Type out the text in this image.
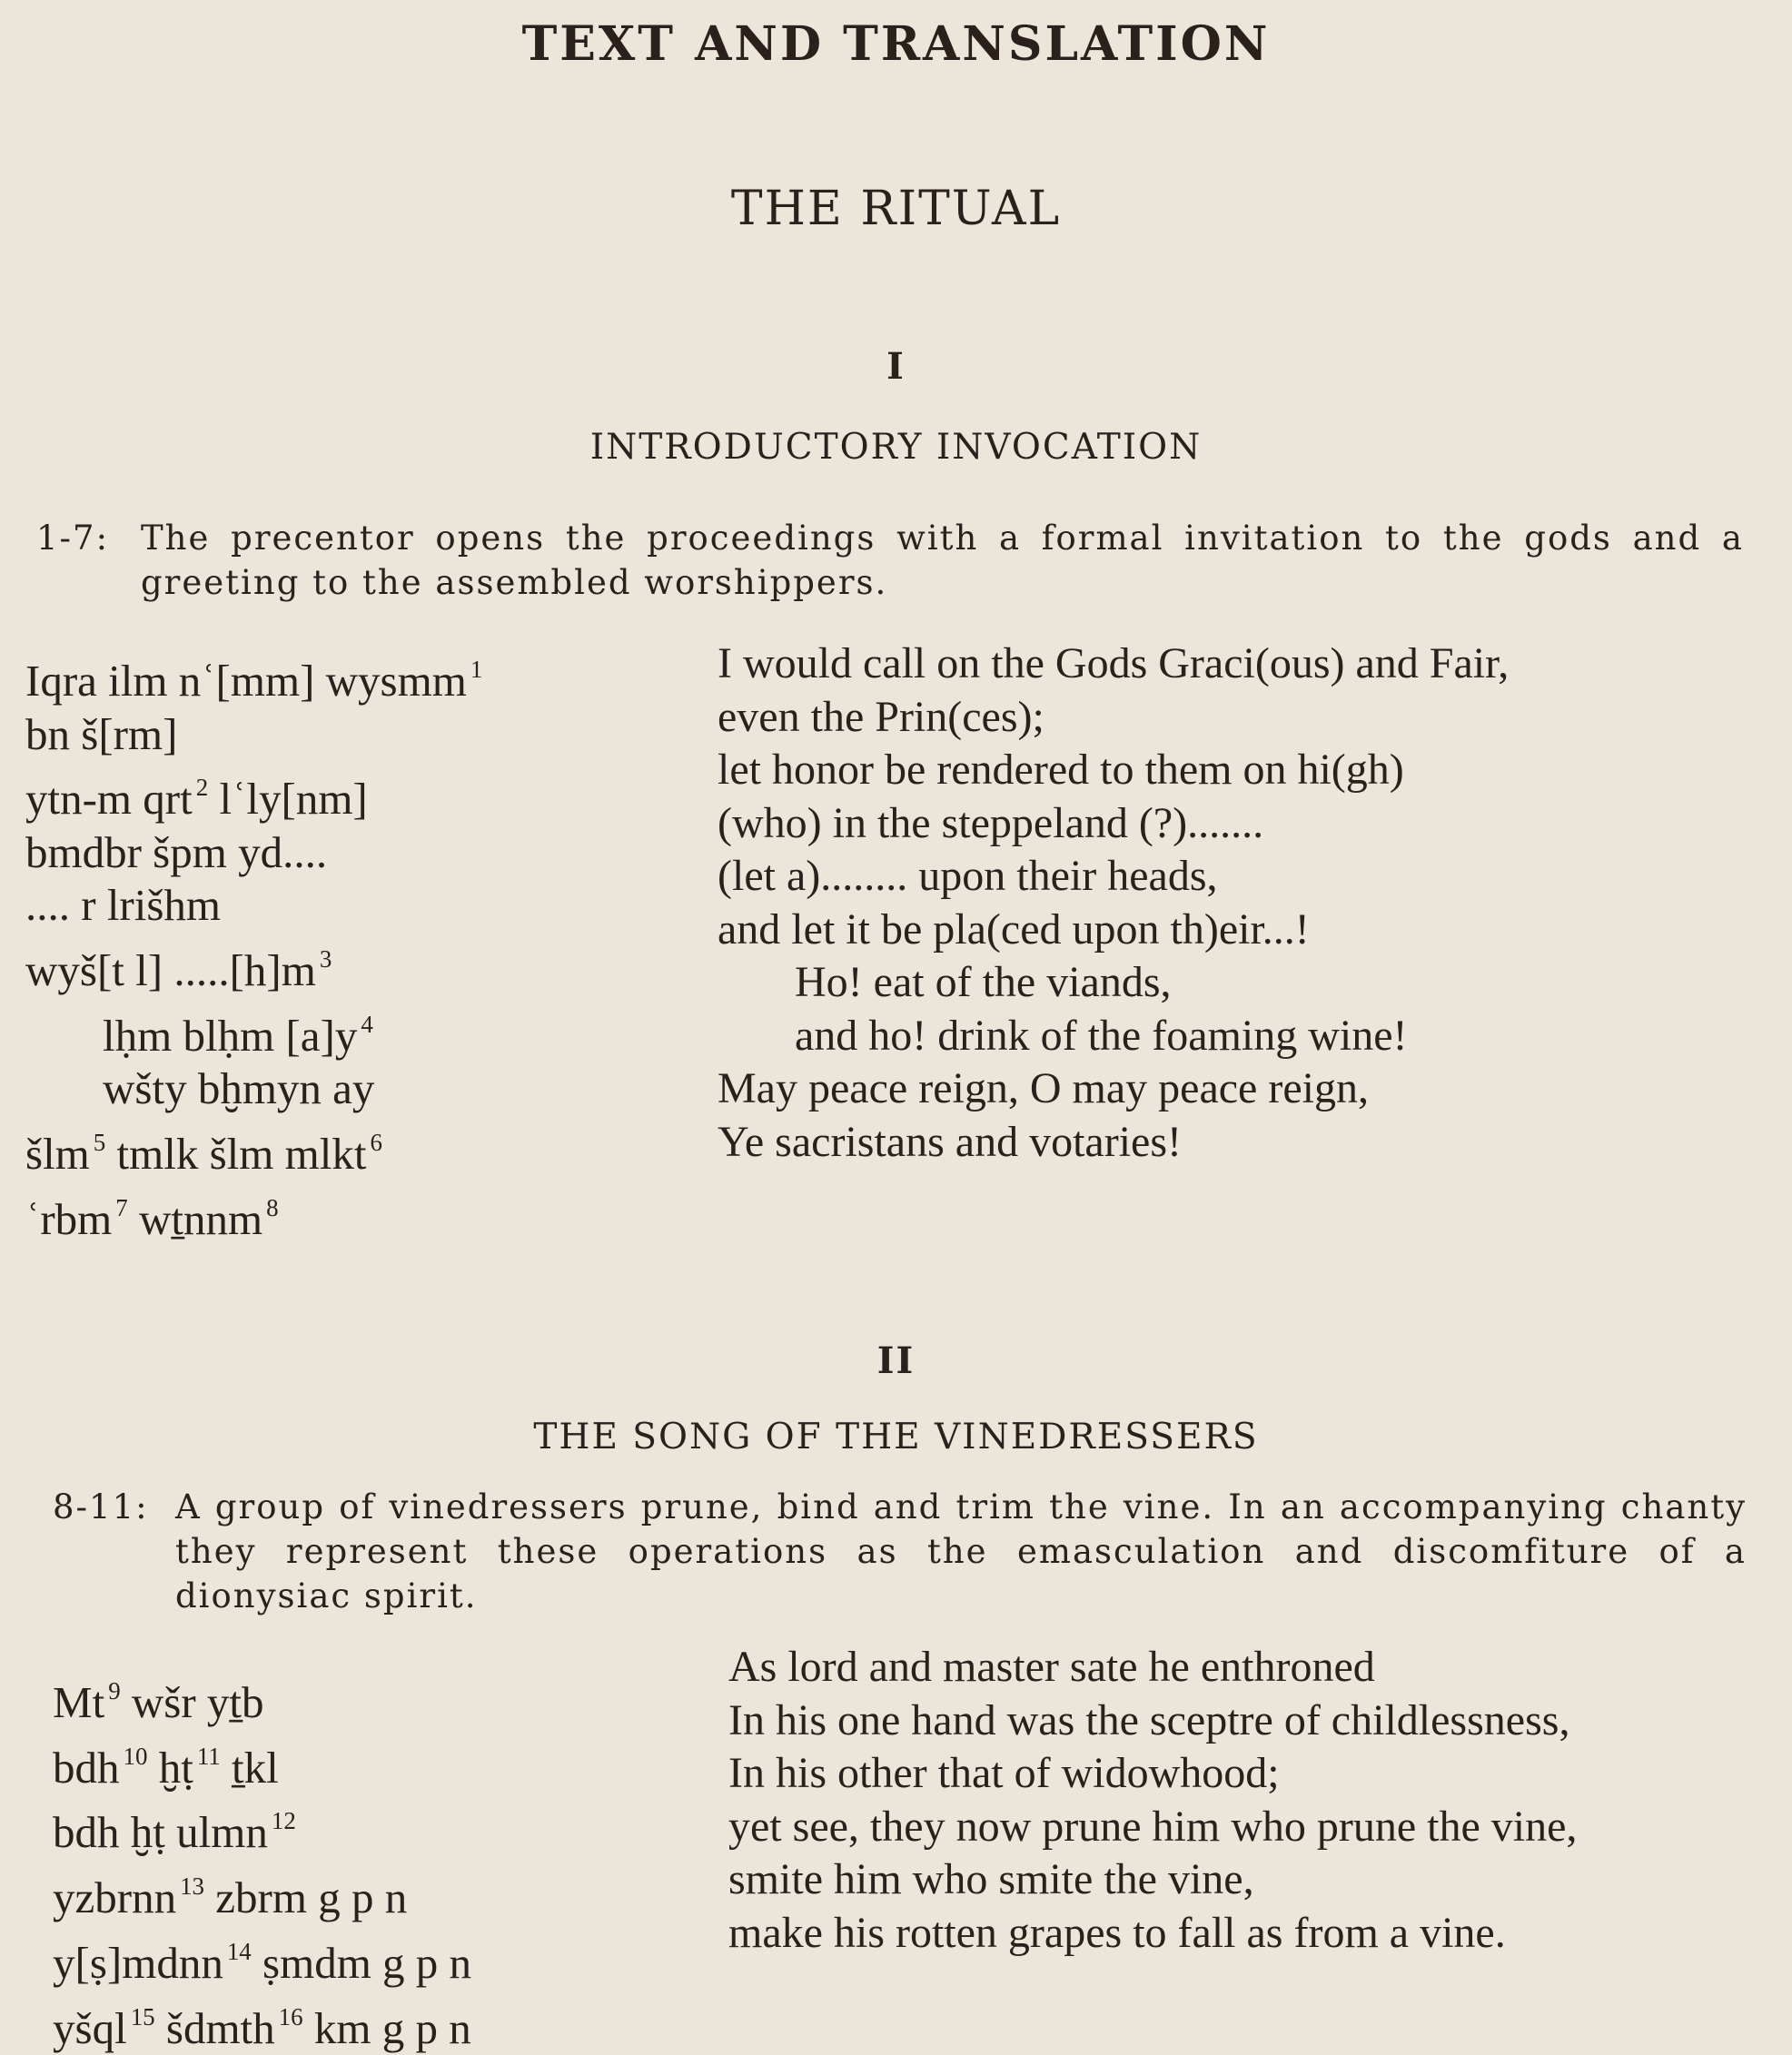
TEXT AND TRANSLATION
THE RITUAL
I
INTRODUCTORY INVOCATION
1-7: The precentor opens the proceedings with a formal invitation to the gods and a greeting to the assembled worshippers.
Iqra ilm nʿ[mm] wysmm $^1$
bn š[rm]
ytn-m qrt $^2$ lʿly[nm]
bmdbr špm yd....
.... r lrišhm
wyš[t l] .....[h]m $^3$
lḥm blḥm [a]y $^4$
wšty bḫmyn ay
šlm $^5$ tmlk šlm mlkt $^6$
ʿrbm $^7$ wṯnnm $^8$
I would call on the Gods Graci(ous) and Fair,
even the Prin(ces);
let honor be rendered to them on hi(gh)
(who) in the steppeland (?).......
(let a)........ upon their heads,
and let it be pla(ced upon th)eir...!
Ho! eat of the viands,
and ho! drink of the foaming wine!
May peace reign, O may peace reign,
Ye sacristans and votaries!
II
THE SONG OF THE VINEDRESSERS
8-11: A group of vinedressers prune, bind and trim the vine. In an accompanying chanty they represent these operations as the emasculation and discomfiture of a dionysiac spirit.
Mt $^9$ wšr yṯb
bdh $^{10}$ ḫṭ $^{11}$ ṯkl
bdh ḫṭ ulmn $^{12}$
yzbrnn $^{13}$ zbrm g p n
y[ṣ]mdnn $^{14}$ ṣmdm g p n
yšql $^{15}$ šdmth $^{16}$ km g p n
As lord and master sate he enthroned
In his one hand was the sceptre of childlessness,
In his other that of widowhood;
yet see, they now prune him who prune the vine,
smite him who smite the vine,
make his rotten grapes to fall as from a vine.
